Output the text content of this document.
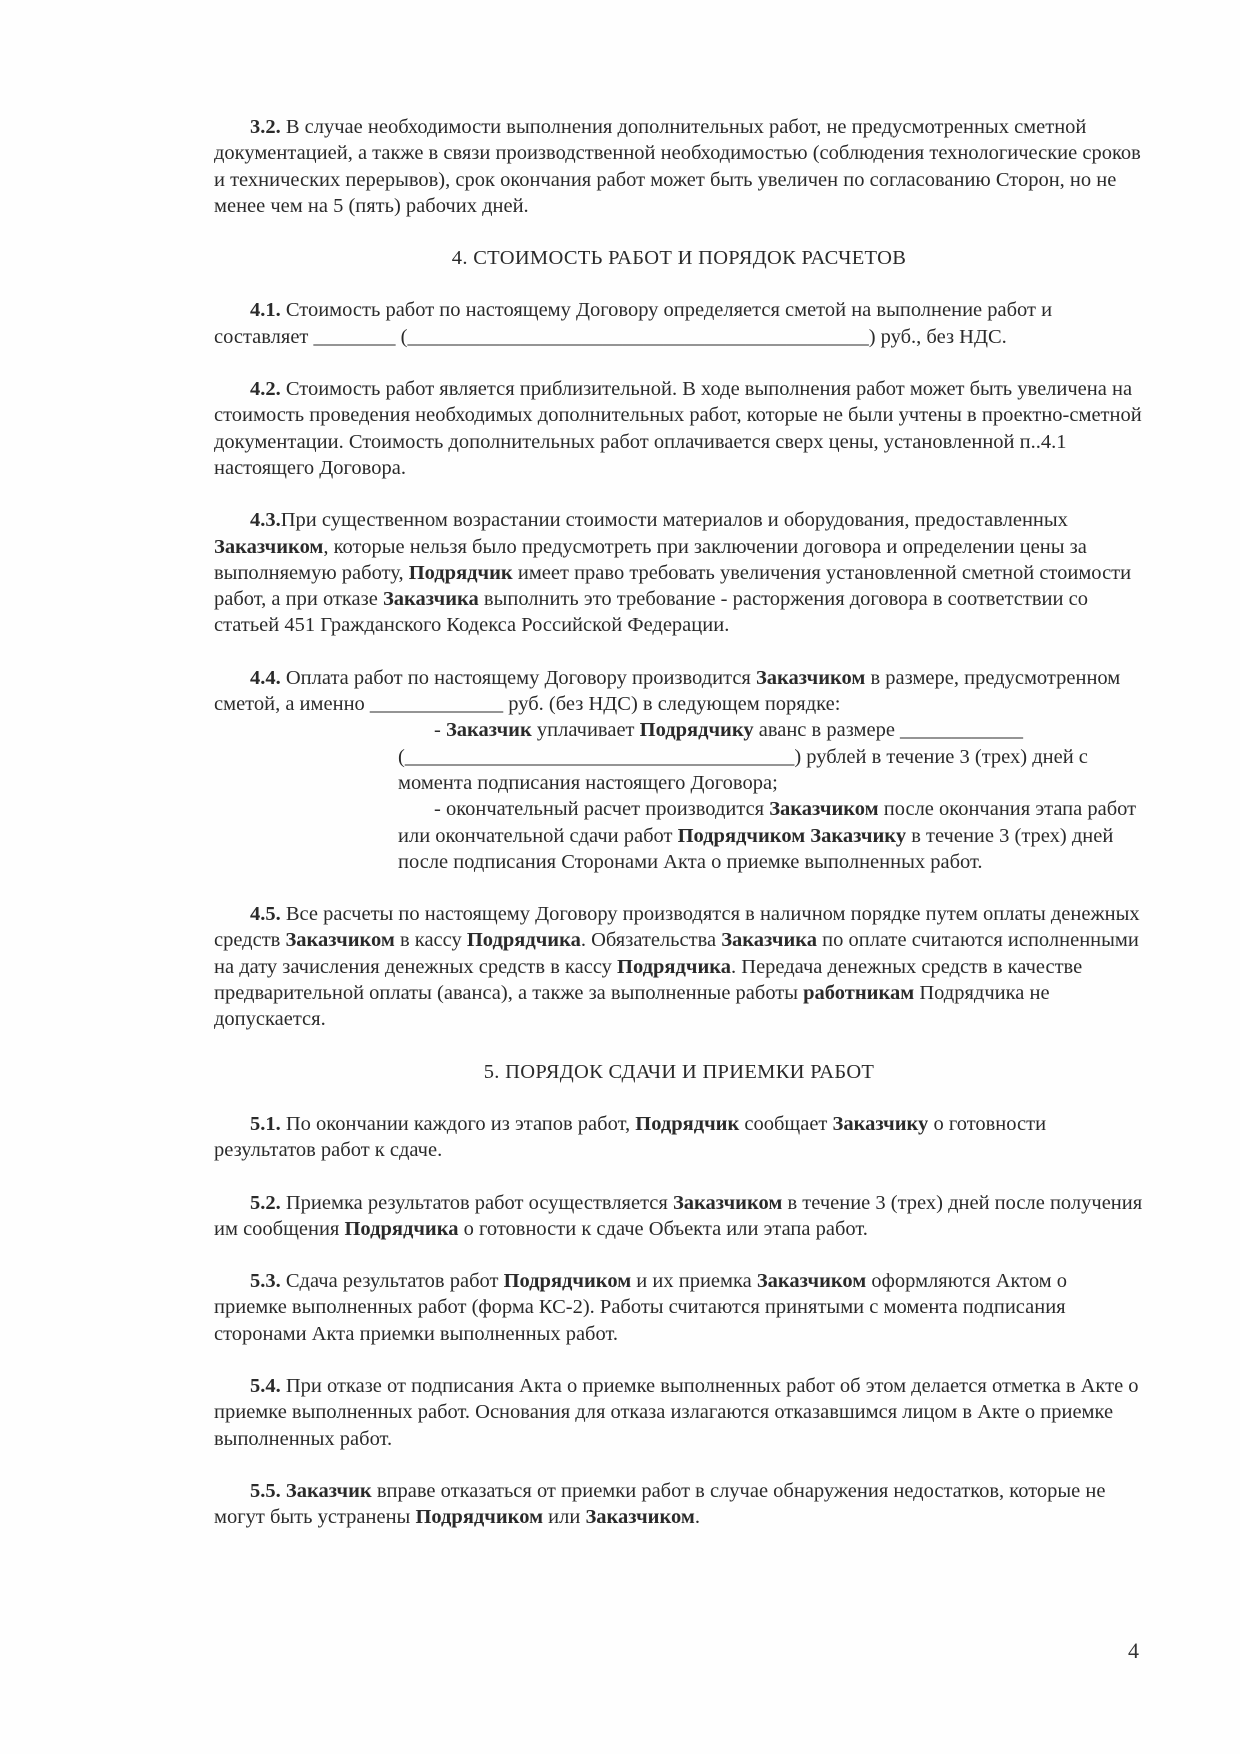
3.2. В случае необходимости выполнения дополнительных работ, не предусмотренных сметной документацией, а также в связи производственной необходимостью (соблюдения технологические сроков и технических перерывов), срок окончания работ может быть увеличен по согласованию Сторон, но не менее чем на 5 (пять) рабочих дней.

4. СТОИМОСТЬ РАБОТ И ПОРЯДОК РАСЧЕТОВ

4.1. Стоимость работ по настоящему Договору определяется сметой на выполнение работ и составляет ________ (_____________________________________________) руб., без НДС.

4.2. Стоимость работ является приблизительной. В ходе выполнения работ может быть увеличена на стоимость проведения необходимых дополнительных работ, которые не были учтены в проектно-сметной документации. Стоимость дополнительных работ оплачивается сверх цены, установленной п..4.1 настоящего Договора.

4.3.При существенном возрастании стоимости материалов и оборудования, предоставленных Заказчиком, которые нельзя было предусмотреть при заключении договора и определении цены за выполняемую работу, Подрядчик имеет право требовать увеличения установленной сметной стоимости работ, а при отказе Заказчика выполнить это требование - расторжения договора в соответствии со статьей 451 Гражданского Кодекса Российской Федерации.

4.4. Оплата работ по настоящему Договору производится Заказчиком в размере, предусмотренном сметой, а именно _____________ руб. (без НДС) в следующем порядке:
- Заказчик уплачивает Подрядчику аванс в размере ____________ (______________________________________) рублей в течение 3 (трех) дней с момента подписания настоящего Договора;
- окончательный расчет производится Заказчиком после окончания этапа работ или окончательной сдачи работ Подрядчиком Заказчику в течение 3 (трех) дней после подписания Сторонами Акта о приемке выполненных работ.

4.5. Все расчеты по настоящему Договору производятся в наличном порядке путем оплаты денежных средств Заказчиком в кассу Подрядчика. Обязательства Заказчика по оплате считаются исполненными на дату зачисления денежных средств в кассу Подрядчика. Передача денежных средств в качестве предварительной оплаты (аванса), а также за выполненные работы работникам Подрядчика не допускается.

5. ПОРЯДОК СДАЧИ И ПРИЕМКИ РАБОТ

5.1. По окончании каждого из этапов работ, Подрядчик сообщает Заказчику о готовности результатов работ к сдаче.

5.2. Приемка результатов работ осуществляется Заказчиком в течение 3 (трех) дней после получения им сообщения Подрядчика о готовности к сдаче Объекта или этапа работ.

5.3. Сдача результатов работ Подрядчиком и их приемка Заказчиком оформляются Актом о приемке выполненных работ (форма КС-2). Работы считаются принятыми с момента подписания сторонами Акта приемки выполненных работ.

5.4. При отказе от подписания Акта о приемке выполненных работ об этом делается отметка в Акте о приемке выполненных работ. Основания для отказа излагаются отказавшимся лицом в Акте о приемке выполненных работ.

5.5. Заказчик вправе отказаться от приемки работ в случае обнаружения недостатков, которые не могут быть устранены Подрядчиком или Заказчиком.

4
